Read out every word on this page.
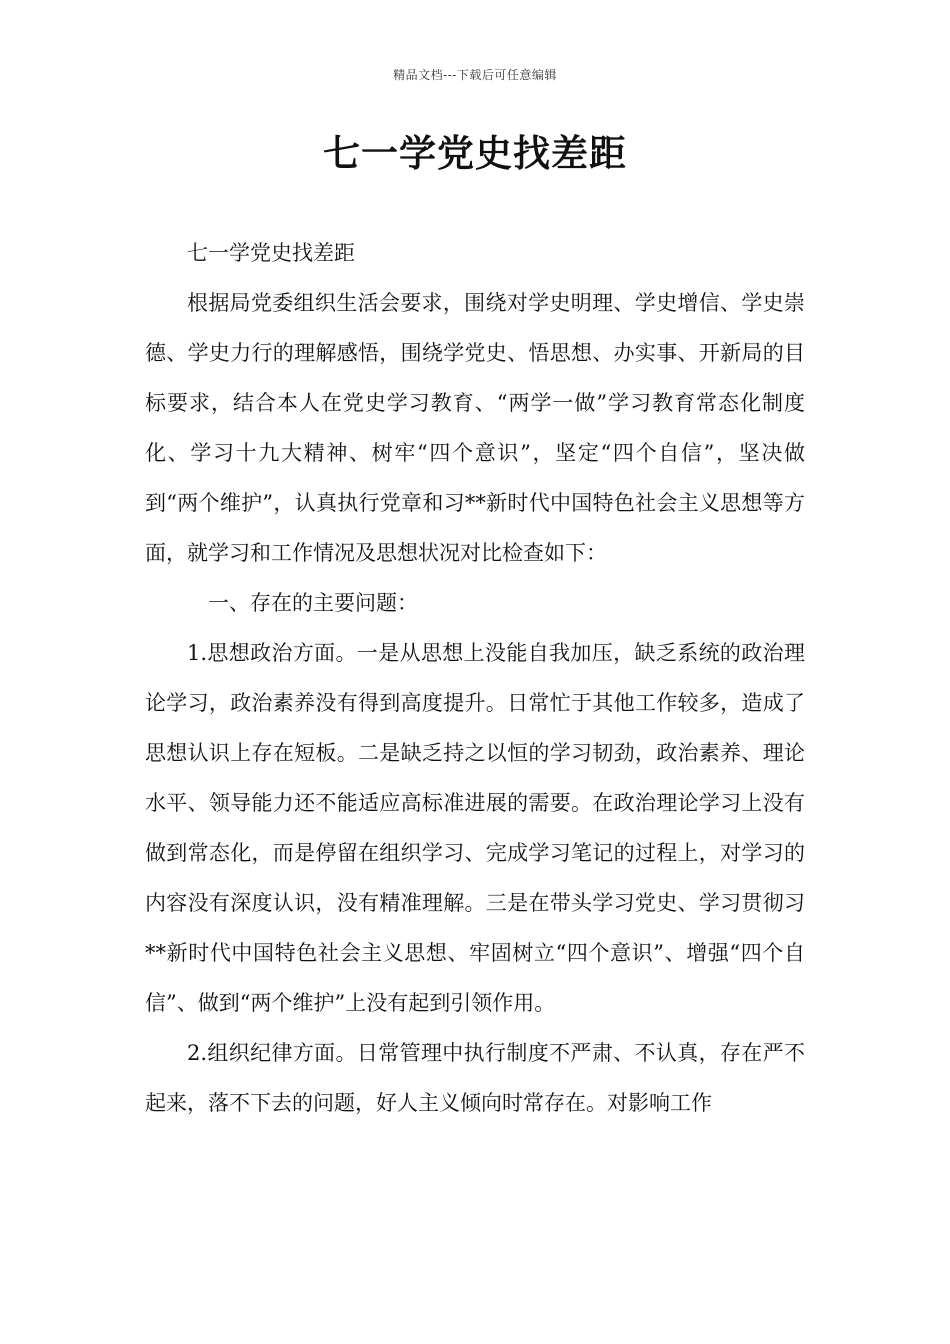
精品文档---下载后可任意编辑
七一学党史找差距

七一学党史找差距

根据局党委组织生活会要求，围绕对学史明理、学史增信、学史崇德、学史力行的理解感悟，围绕学党史、悟思想、办实事、开新局的目标要求，结合本人在党史学习教育、“两学一做”学习教育常态化制度化、学习十九大精神、树牢“四个意识”，坚定“四个自信”，坚决做到“两个维护”，认真执行党章和习**新时代中国特色社会主义思想等方面，就学习和工作情况及思想状况对比检查如下：

一、存在的主要问题：

1.思想政治方面。一是从思想上没能自我加压，缺乏系统的政治理论学习，政治素养没有得到高度提升。日常忙于其他工作较多，造成了思想认识上存在短板。二是缺乏持之以恒的学习韧劲，政治素养、理论水平、领导能力还不能适应高标准进展的需要。在政治理论学习上没有做到常态化，而是停留在组织学习、完成学习笔记的过程上，对学习的内容没有深度认识，没有精准理解。三是在带头学习党史、学习贯彻习**新时代中国特色社会主义思想、牢固树立“四个意识”、增强“四个自信”、做到“两个维护”上没有起到引领作用。

2.组织纪律方面。日常管理中执行制度不严肃、不认真，存在严不起来，落不下去的问题，好人主义倾向时常存在。对影响工作
